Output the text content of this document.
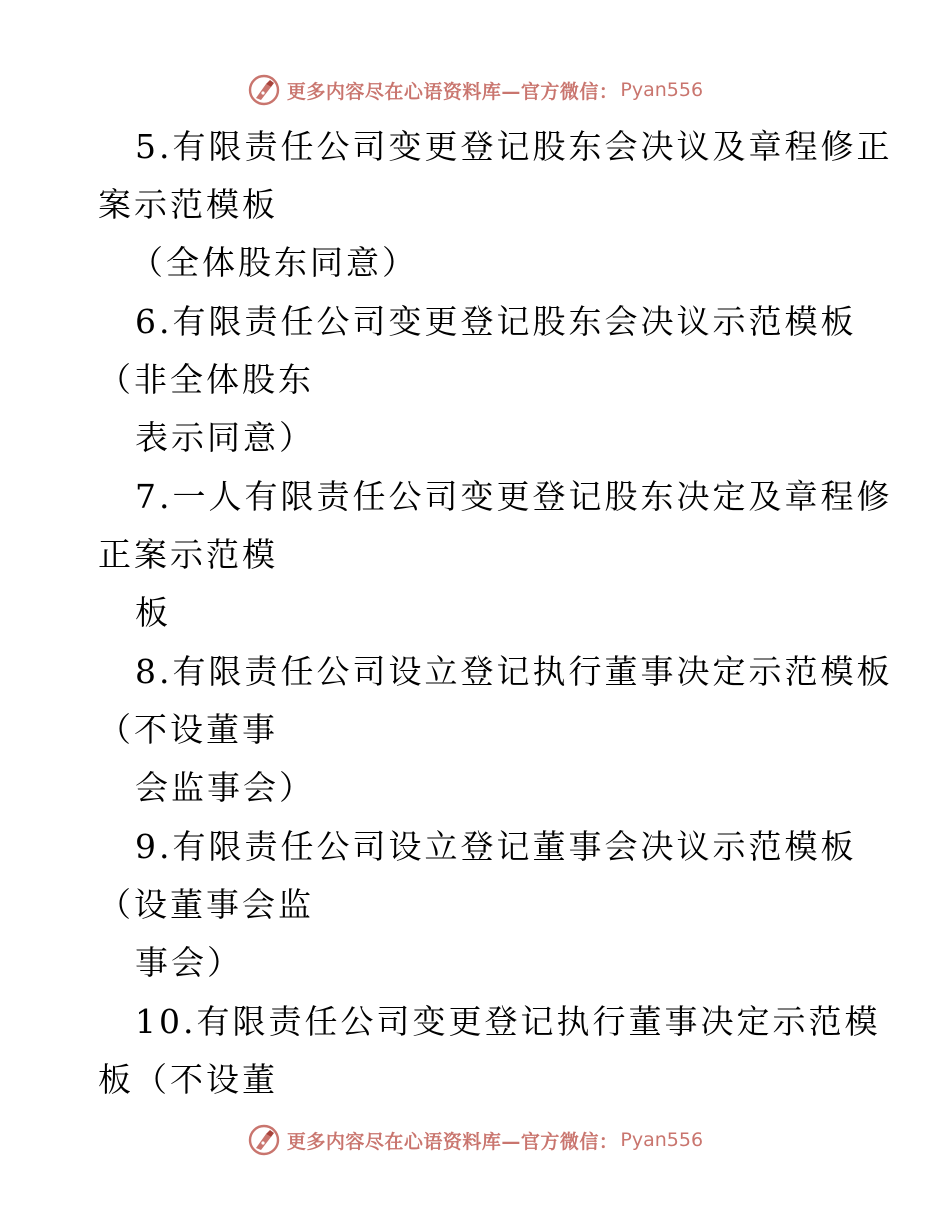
更多内容尽在心语资料库—官方微信： Pyan556
5.有限责任公司变更登记股东会决议及章程修正
案示范模板
（全体股东同意）
6.有限责任公司变更登记股东会决议示范模板
（非全体股东
表示同意）
7.一人有限责任公司变更登记股东决定及章程修
正案示范模
板
8.有限责任公司设立登记执行董事决定示范模板
（不设董事
会监事会）
9.有限责任公司设立登记董事会决议示范模板
（设董事会监
事会）
10.有限责任公司变更登记执行董事决定示范模
板（不设董
更多内容尽在心语资料库—官方微信： Pyan556
